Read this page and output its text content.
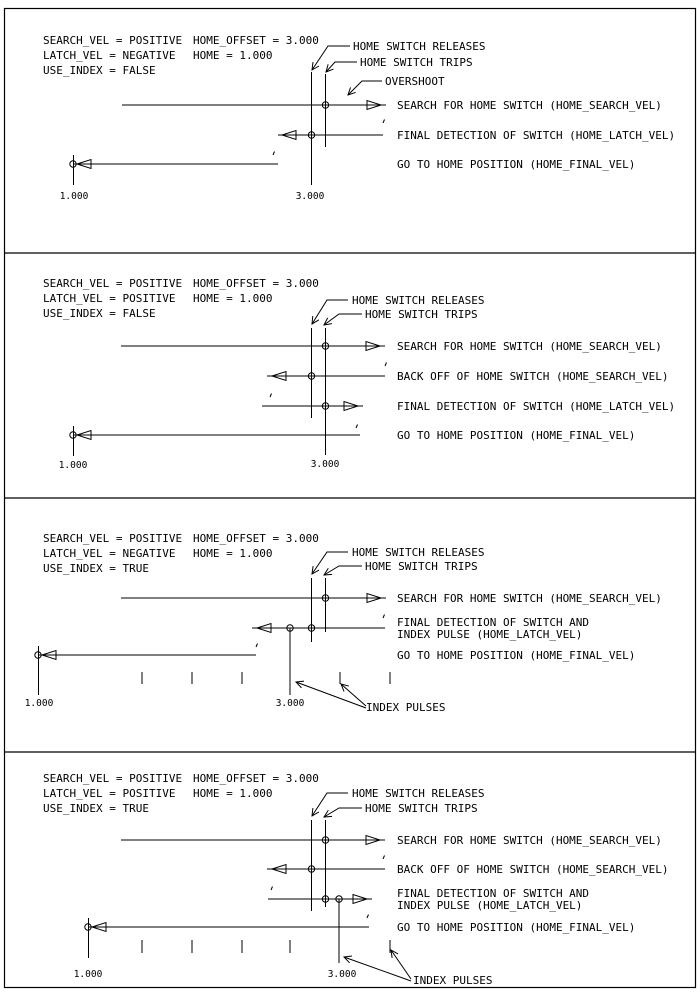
SEARCH_VEL = POSITIVE HOME_OFFSET = 3.000
LATCH_VEL = NEGATIVE HOME = 1.000
USE_INDEX = FALSE
HOME SWITCH RELEASES
HOME SWITCH TRIPS
OVERSHOOT
SEARCH FOR HOME SWITCH (HOME_SEARCH_VEL)
FINAL DETECTION OF SWITCH (HOME_LATCH_VEL)
GO TO HOME POSITION (HOME_FINAL_VEL)
1.000	3.000
SEARCH_VEL = POSITIVE HOME_OFFSET = 3.000
LATCH_VEL = POSITIVE HOME = 1.000
USE_INDEX = FALSE
HOME SWITCH RELEASES
HOME SWITCH TRIPS
SEARCH FOR HOME SWITCH (HOME_SEARCH_VEL)
BACK OFF OF HOME SWITCH (HOME_SEARCH_VEL)
FINAL DETECTION OF SWITCH (HOME_LATCH_VEL)
GO TO HOME POSITION (HOME_FINAL_VEL)
1.000	3.000
SEARCH_VEL = POSITIVE HOME_OFFSET = 3.000
LATCH_VEL = NEGATIVE HOME = 1.000
USE_INDEX = TRUE
HOME SWITCH RELEASES
HOME SWITCH TRIPS
SEARCH FOR HOME SWITCH (HOME_SEARCH_VEL)
FINAL DETECTION OF SWITCH AND
INDEX PULSE (HOME_LATCH_VEL)
GO TO HOME POSITION (HOME_FINAL_VEL)
INDEX PULSES
1.000	3.000
SEARCH_VEL = POSITIVE HOME_OFFSET = 3.000
LATCH_VEL = POSITIVE HOME = 1.000
USE_INDEX = TRUE
HOME SWITCH RELEASES
HOME SWITCH TRIPS
SEARCH FOR HOME SWITCH (HOME_SEARCH_VEL)
BACK OFF OF HOME SWITCH (HOME_SEARCH_VEL)
FINAL DETECTION OF SWITCH AND
INDEX PULSE (HOME_LATCH_VEL)
GO TO HOME POSITION (HOME_FINAL_VEL)
INDEX PULSES
1.000	3.000
